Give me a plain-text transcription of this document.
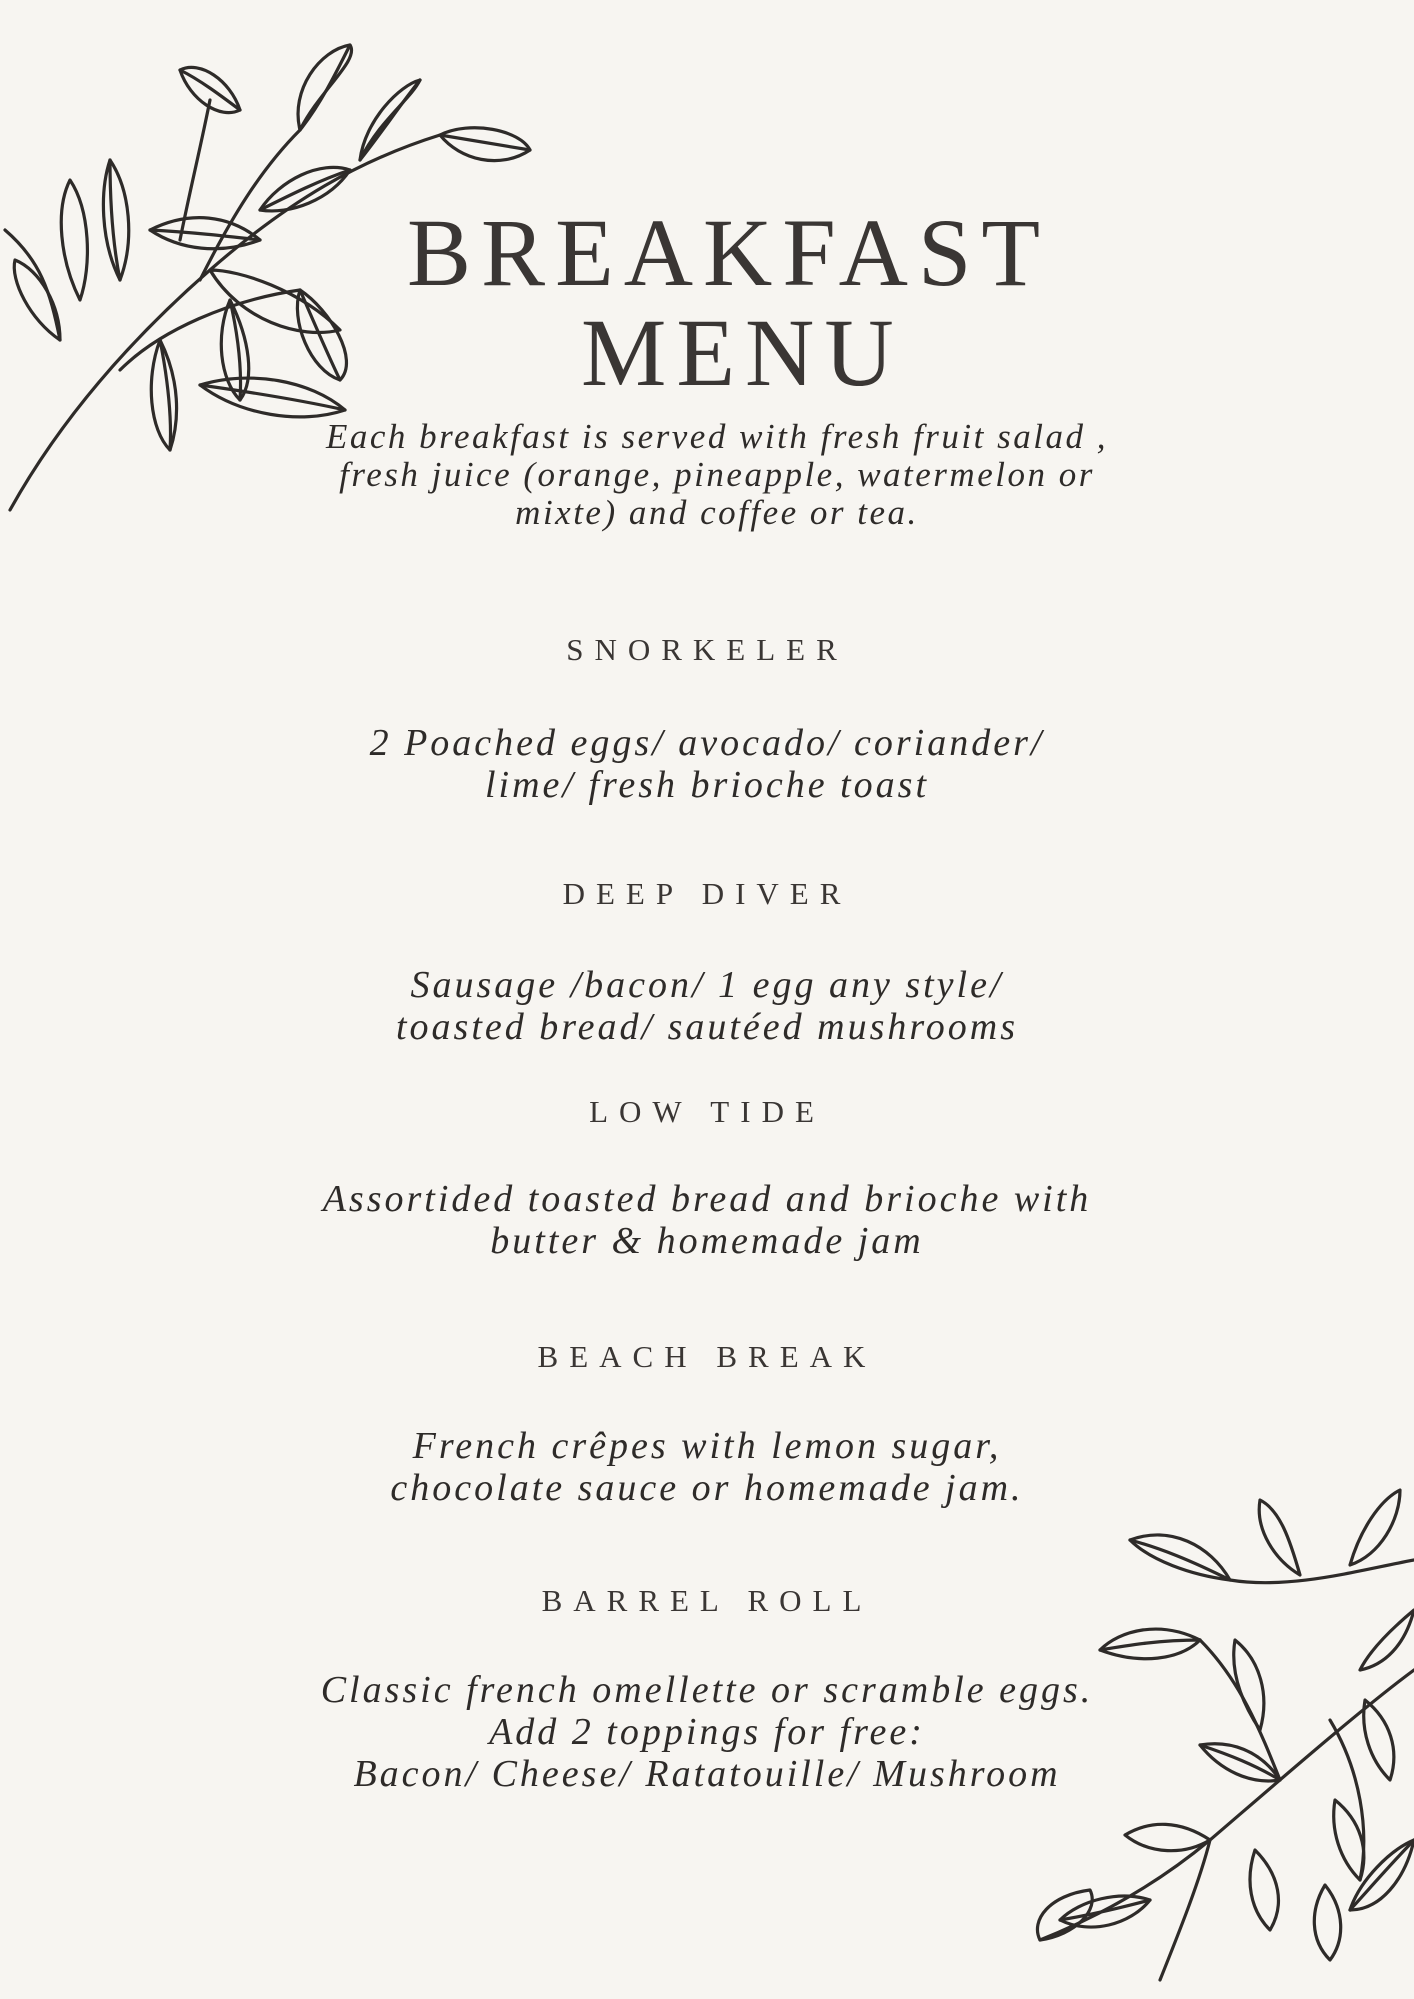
BREAKFAST
MENU
Each breakfast is served with fresh fruit salad ,
fresh juice (orange, pineapple, watermelon or
mixte) and coffee or tea.
SNORKELER

2 Poached eggs/ avocado/ coriander/
lime/ fresh brioche toast

DEEP DIVER

Sausage /bacon/ 1 egg any style/
toasted bread/ sautéed mushrooms

LOW TIDE

Assortided toasted bread and brioche with
butter & homemade jam

BEACH BREAK

French crêpes with lemon sugar,
chocolate sauce or homemade jam.

BARREL ROLL

Classic french omellette or scramble eggs.
Add 2 toppings for free:
Bacon/ Cheese/ Ratatouille/ Mushroom
